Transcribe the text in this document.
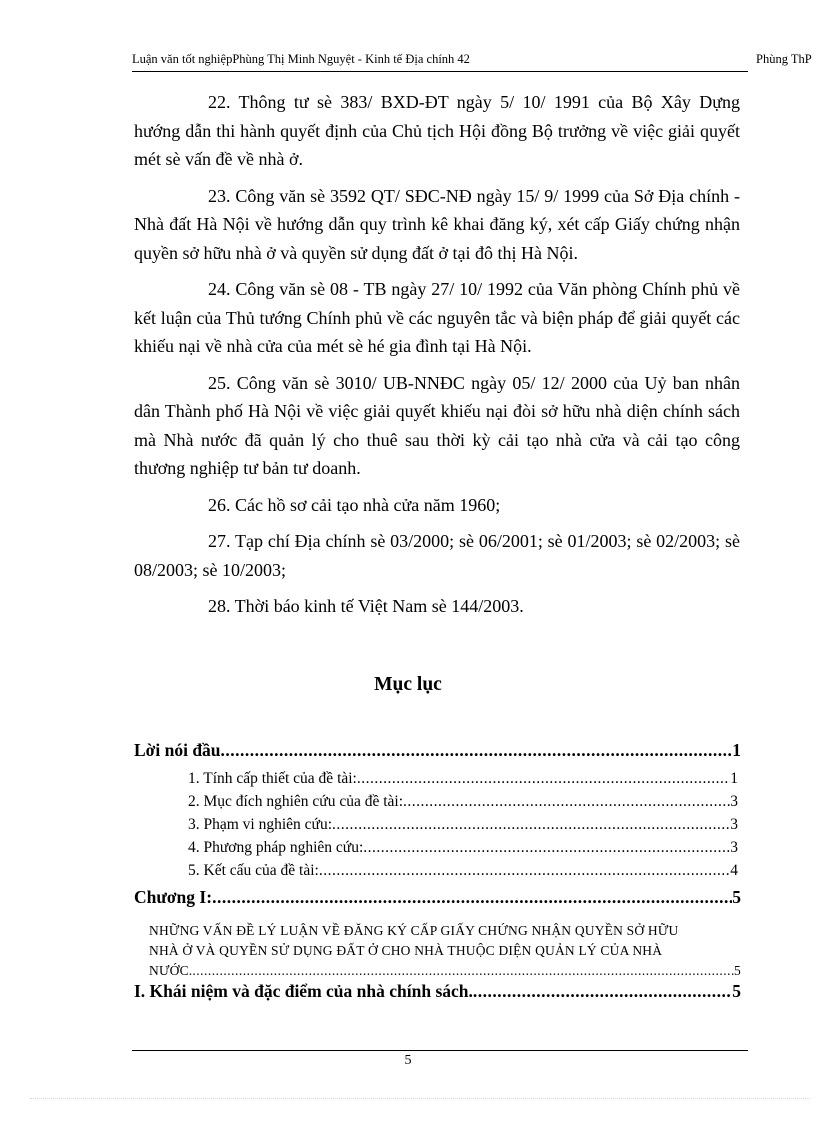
Luận văn tốt nghiệpPhùng Thị Minh Nguyệt - Kinh tế Địa chính 42	Phùng ThP

22. Thông tư sè 383/ BXD-ĐT ngày 5/ 10/ 1991 của Bộ Xây Dựng hướng dẫn thi hành quyết định của Chủ tịch Hội đồng Bộ trưởng về việc giải quyết mét sè vấn đề về nhà ở.

23. Công văn sè 3592 QT/ SĐC-NĐ ngày 15/ 9/ 1999 của Sở Địa chính - Nhà đất Hà Nội về hướng dẫn quy trình kê khai đăng ký, xét cấp Giấy chứng nhận quyền sở hữu nhà ở và quyền sử dụng đất ở tại đô thị Hà Nội.

24. Công văn sè 08 - TB ngày 27/ 10/ 1992 của Văn phòng Chính phủ về kết luận của Thủ tướng Chính phủ về các nguyên tắc và biện pháp để giải quyết các khiếu nại về nhà cửa của mét sè hé gia đình tại Hà Nội.

25. Công văn sè 3010/ UB-NNĐC ngày 05/ 12/ 2000 của Uỷ ban nhân dân Thành phố Hà Nội về việc giải quyết khiếu nại đòi sở hữu nhà diện chính sách mà Nhà nước đã quản lý cho thuê sau thời kỳ cải tạo nhà cửa và cải tạo công thương nghiệp tư bản tư doanh.

26. Các hồ sơ cải tạo nhà cửa năm 1960;

27. Tạp chí Địa chính sè 03/2000; sè 06/2001; sè 01/2003; sè 02/2003; sè 08/2003; sè 10/2003;

28. Thời báo kinh tế Việt Nam sè 144/2003.

Mục lục
Lời nói đầu .....	1
1. Tính cấp thiết của đề tài: .....	1
2. Mục đích nghiên cứu của đề tài: .....	3
3. Phạm vi nghiên cứu: .....	3
4. Phương pháp nghiên cứu: .....	3
5. Kết cấu của đề tài: .....	4
Chương I: .....	5
NHỮNG VẤN ĐỀ LÝ LUẬN VỀ ĐĂNG KÝ CẤP GIẤY CHỨNG NHẬN QUYỀN SỞ HỮU
NHÀ Ở VÀ QUYỀN SỬ DỤNG ĐẤT Ở CHO NHÀ THUỘC DIỆN QUẢN LÝ CỦA NHÀ
NƯỚC. .....	5
I. Khái niệm và đặc điểm của nhà chính sách. .....	5
5
